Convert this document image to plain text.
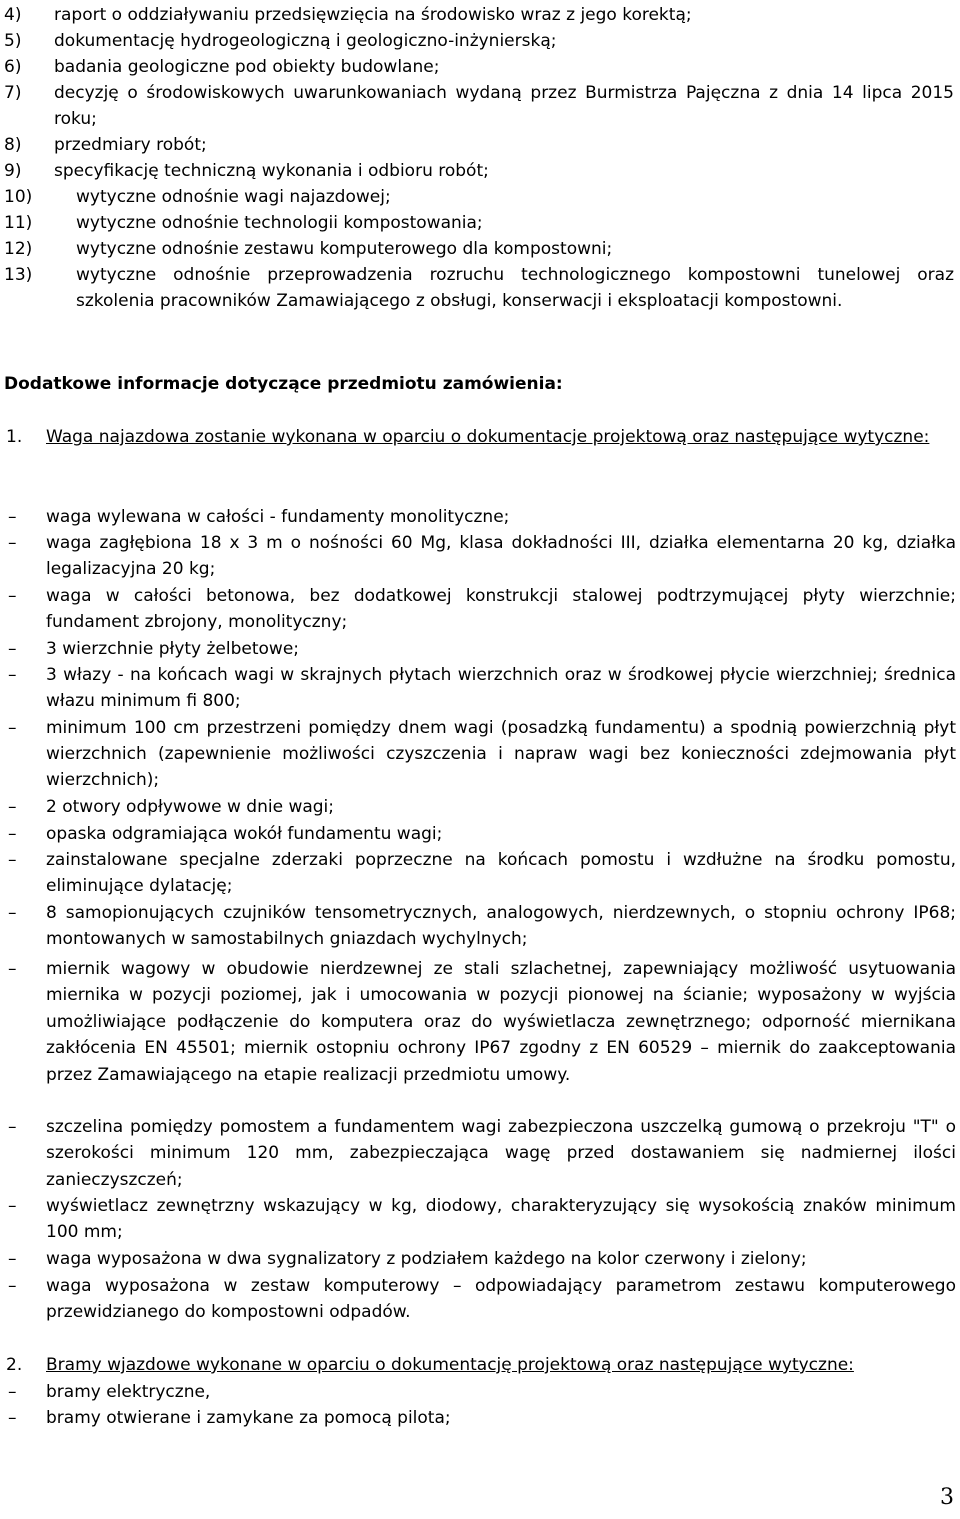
4) raport o oddziaływaniu przedsięwzięcia na środowisko wraz z jego korektą;
5) dokumentację hydrogeologiczną i geologiczno-inżynierską;
6) badania geologiczne pod obiekty budowlane;
7) decyzję o środowiskowych uwarunkowaniach wydaną przez Burmistrza Pajęczna z dnia 14 lipca 2015 roku;
8) przedmiary robót;
9) specyfikację techniczną wykonania i odbioru robót;
10)	wytyczne odnośnie wagi najazdowej;
11)	wytyczne odnośnie technologii kompostowania;
12)	wytyczne odnośnie zestawu komputerowego dla kompostowni;
13)	wytyczne odnośnie przeprowadzenia rozruchu technologicznego kompostowni tunelowej oraz szkolenia pracowników Zamawiającego z obsługi, konserwacji i eksploatacji kompostowni.
Dodatkowe informacje dotyczące przedmiotu zamówienia:
1. Waga najazdowa zostanie wykonana w oparciu o dokumentacje projektową oraz następujące wytyczne:
– waga wylewana w całości - fundamenty monolityczne;
– waga zagłębiona 18 x 3 m o nośności 60 Mg, klasa dokładności III, działka elementarna 20 kg, działka legalizacyjna 20 kg;
– waga w całości betonowa, bez dodatkowej konstrukcji stalowej podtrzymującej płyty wierzchnie; fundament zbrojony, monolityczny;
– 3 wierzchnie płyty żelbetowe;
– 3 włazy - na końcach wagi w skrajnych płytach wierzchnich oraz w środkowej płycie wierzchniej; średnica włazu minimum fi 800;
– minimum 100 cm przestrzeni pomiędzy dnem wagi (posadzką fundamentu) a spodnią powierzchnią płyt wierzchnich (zapewnienie możliwości czyszczenia i napraw wagi bez konieczności zdejmowania płyt wierzchnich);
– 2 otwory odpływowe w dnie wagi;
– opaska odgramiająca wokół fundamentu wagi;
– zainstalowane specjalne zderzaki poprzeczne na końcach pomostu i wzdłużne na środku pomostu, eliminujące dylatację;
– 8 samopionujących czujników tensometrycznych, analogowych, nierdzewnych, o stopniu ochrony IP68; montowanych w samostabilnych gniazdach wychylnych;
– miernik wagowy w obudowie nierdzewnej ze stali szlachetnej, zapewniający możliwość usytuowania miernika w pozycji poziomej, jak i umocowania w pozycji pionowej na ścianie; wyposażony w wyjścia umożliwiające podłączenie do komputera oraz do wyświetlacza zewnętrznego; odporność miernikana zakłócenia EN 45501; miernik ostopniu ochrony IP67 zgodny z EN 60529 – miernik do zaakceptowania przez Zamawiającego na etapie realizacji przedmiotu umowy.
– szczelina pomiędzy pomostem a fundamentem wagi zabezpieczona uszczelką gumową o przekroju "T" o szerokości minimum 120 mm, zabezpieczająca wagę przed dostawaniem się nadmiernej ilości zanieczyszczeń;
– wyświetlacz zewnętrzny wskazujący w kg, diodowy, charakteryzujący się wysokością znaków minimum 100 mm;
– waga wyposażona w dwa sygnalizatory z podziałem każdego na kolor czerwony i zielony;
– waga wyposażona w zestaw komputerowy – odpowiadający parametrom zestawu komputerowego przewidzianego do kompostowni odpadów.
2. Bramy wjazdowe wykonane w oparciu o dokumentację projektową oraz następujące wytyczne:
– bramy elektryczne,
– bramy otwierane i zamykane za pomocą pilota;
3
